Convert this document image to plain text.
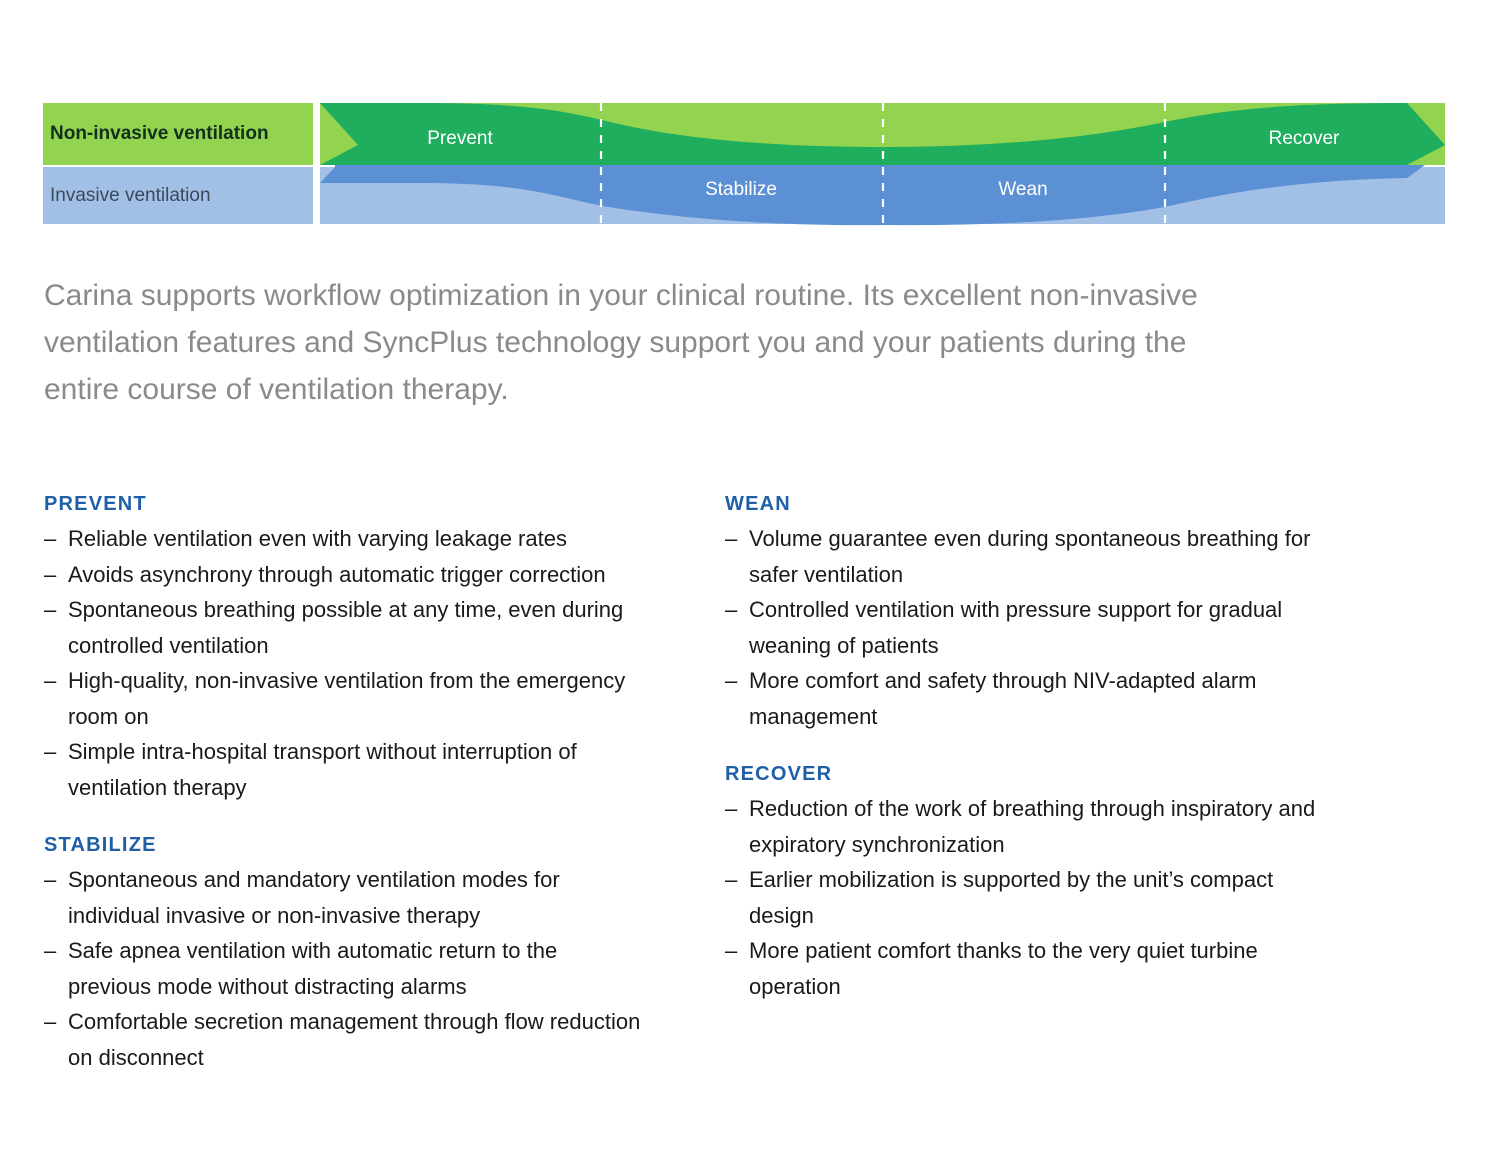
Non-invasive ventilation
Invasive ventilation
Prevent
Stabilize	Wean
Recover

Carina supports workflow optimization in your clinical routine. Its excellent non-invasive ventilation features and SyncPlus technology support you and your patients during the entire course of ventilation therapy.

PREVENT
– Reliable ventilation even with varying leakage rates
– Avoids asynchrony through automatic trigger correction
– Spontaneous breathing possible at any time, even during controlled ventilation
– High-quality, non-invasive ventilation from the emergency room on
– Simple intra-hospital transport without interruption of ventilation therapy
STABILIZE
– Spontaneous and mandatory ventilation modes for individual invasive or non-invasive therapy
– Safe apnea ventilation with automatic return to the previous mode without distracting alarms
– Comfortable secretion management through flow reduction on disconnect
WEAN
– Volume guarantee even during spontaneous breathing for safer ventilation
– Controlled ventilation with pressure support for gradual weaning of patients
– More comfort and safety through NIV-adapted alarm management
RECOVER
– Reduction of the work of breathing through inspiratory and expiratory synchronization
– Earlier mobilization is supported by the unit’s compact design
– More patient comfort thanks to the very quiet turbine operation
